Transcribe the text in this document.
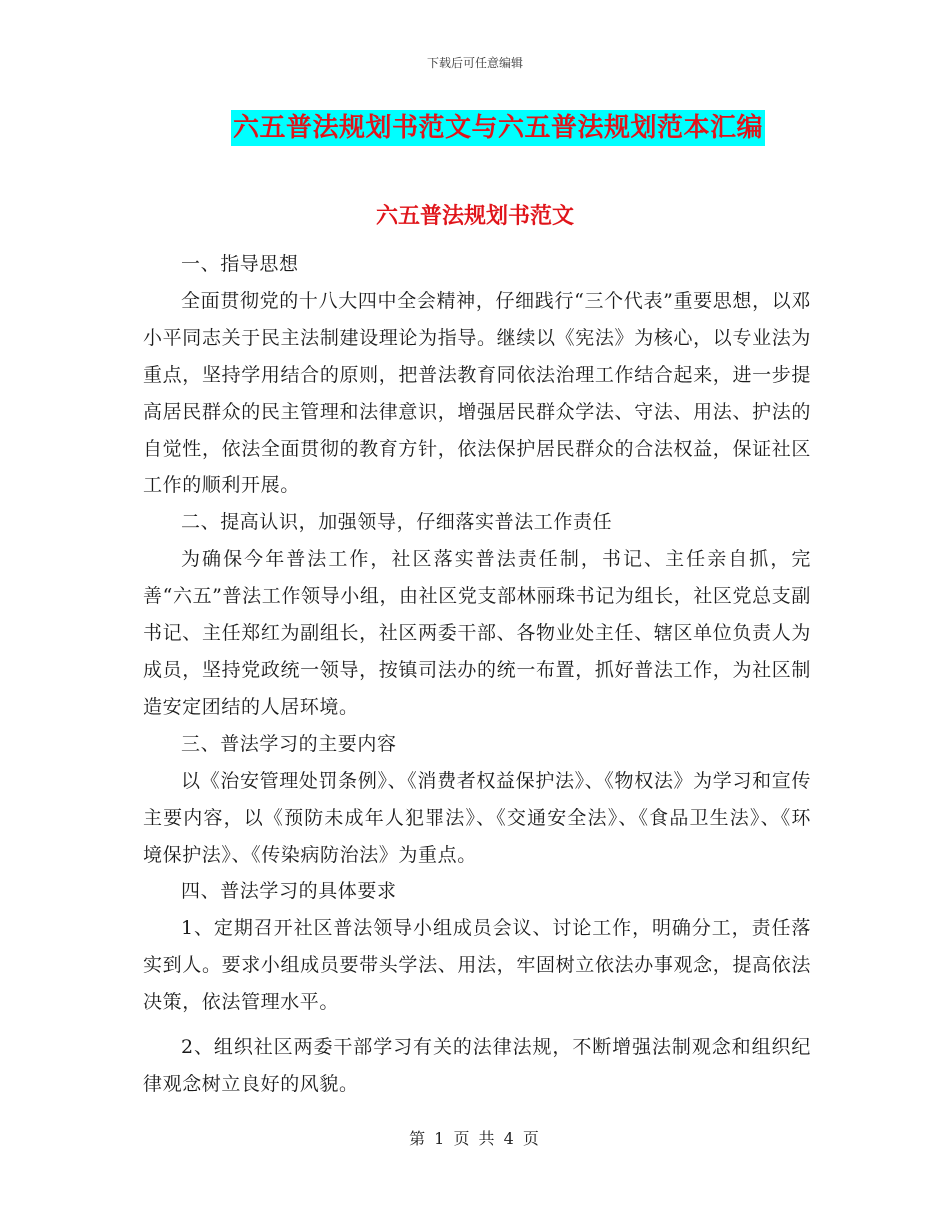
下载后可任意编辑
六五普法规划书范文与六五普法规划范本汇编
六五普法规划书范文

一、指导思想

全面贯彻党的十八大四中全会精神，仔细践行“三个代表”重要思想，以邓小平同志关于民主法制建设理论为指导。继续以《宪法》为核心，以专业法为重点，坚持学用结合的原则，把普法教育同依法治理工作结合起来，进一步提高居民群众的民主管理和法律意识，增强居民群众学法、守法、用法、护法的自觉性，依法全面贯彻的教育方针，依法保护居民群众的合法权益，保证社区工作的顺利开展。

二、提高认识，加强领导，仔细落实普法工作责任

为确保今年普法工作，社区落实普法责任制，书记、主任亲自抓，完善“六五”普法工作领导小组，由社区党支部林丽珠书记为组长，社区党总支副书记、主任郑红为副组长，社区两委干部、各物业处主任、辖区单位负责人为成员，坚持党政统一领导，按镇司法办的统一布置，抓好普法工作，为社区制造安定团结的人居环境。

三、普法学习的主要内容

以《治安管理处罚条例》、《消费者权益保护法》、《物权法》为学习和宣传主要内容，以《预防未成年人犯罪法》、《交通安全法》、《食品卫生法》、《环境保护法》、《传染病防治法》为重点。

四、普法学习的具体要求

1、定期召开社区普法领导小组成员会议、讨论工作，明确分工，责任落实到人。要求小组成员要带头学法、用法，牢固树立依法办事观念，提高依法决策，依法管理水平。

2、组织社区两委干部学习有关的法律法规，不断增强法制观念和组织纪律观念树立良好的风貌。

第 1 页 共 4 页
